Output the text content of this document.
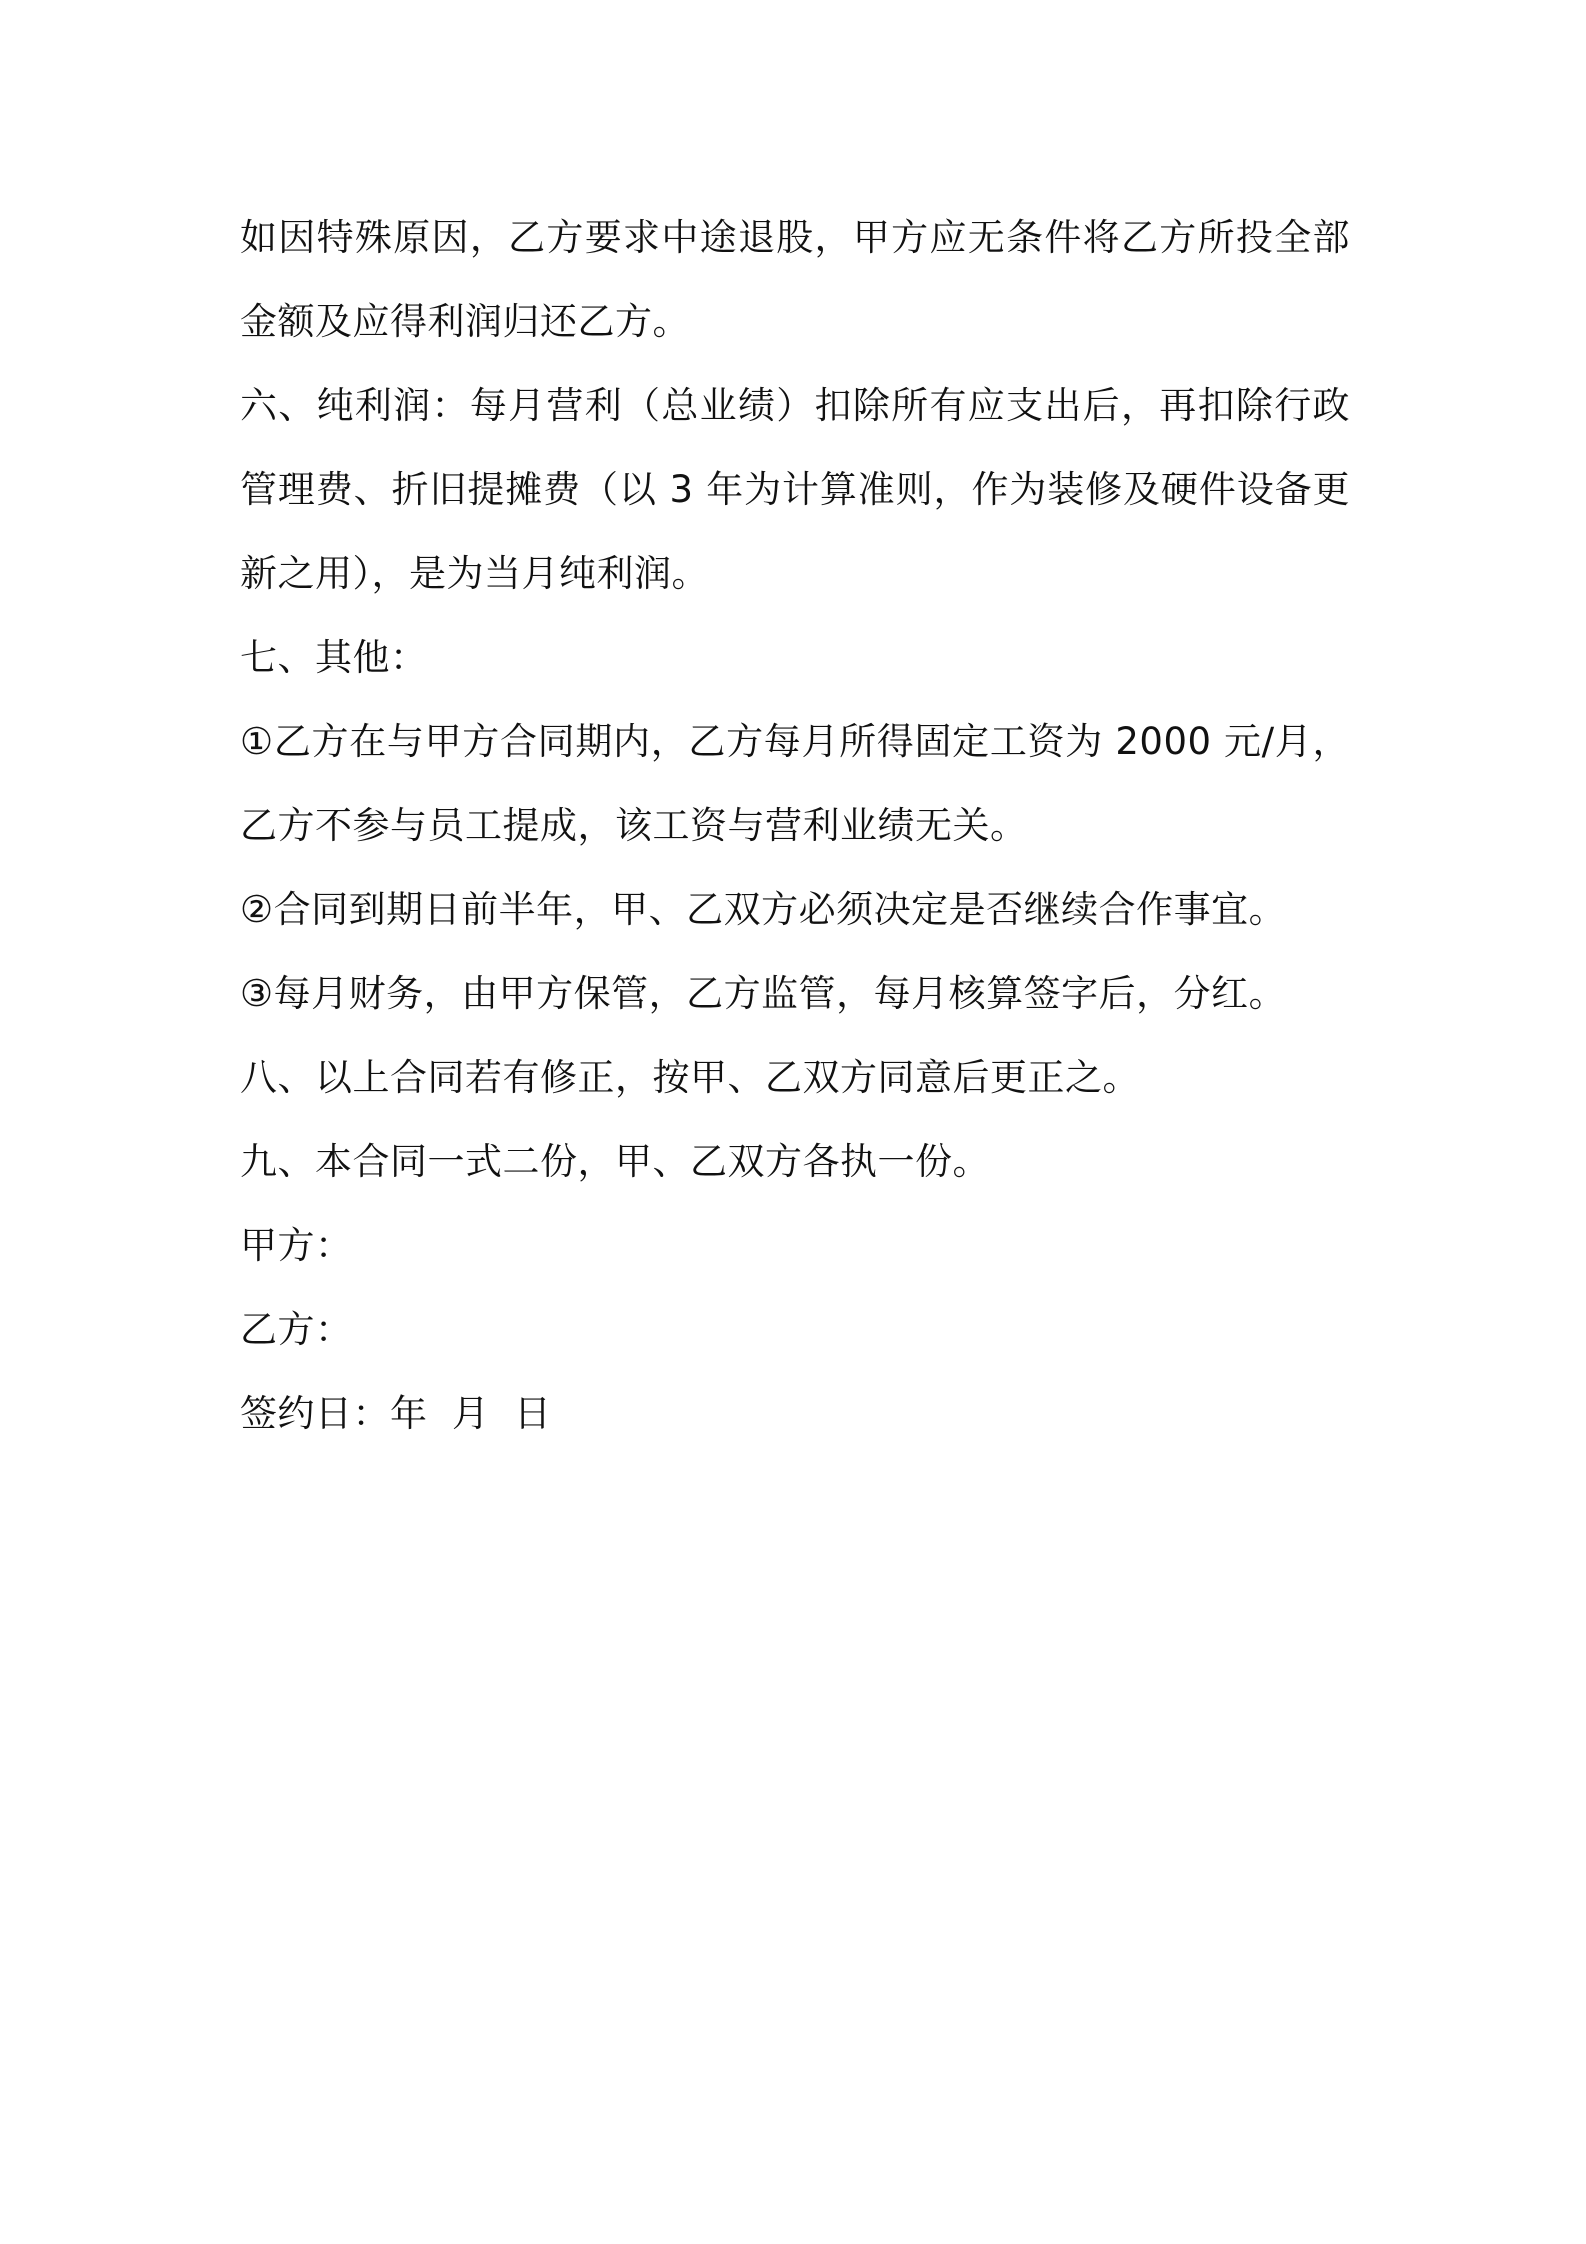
如因特殊原因，乙方要求中途退股，甲方应无条件将乙方所投全部金额及应得利润归还乙方。

六、纯利润：每月营利（总业绩）扣除所有应支出后，再扣除行政管理费、折旧提摊费（以 3 年为计算准则，作为装修及硬件设备更新之用），是为当月纯利润。

七、其他：

①乙方在与甲方合同期内，乙方每月所得固定工资为 2000 元/月，乙方不参与员工提成，该工资与营利业绩无关。

②合同到期日前半年，甲、乙双方必须决定是否继续合作事宜。

③每月财务，由甲方保管，乙方监管，每月核算签字后，分红。

八、以上合同若有修正，按甲、乙双方同意后更正之。

九、本合同一式二份，甲、乙双方各执一份。

甲方：

乙方：

签约日：年  月  日
